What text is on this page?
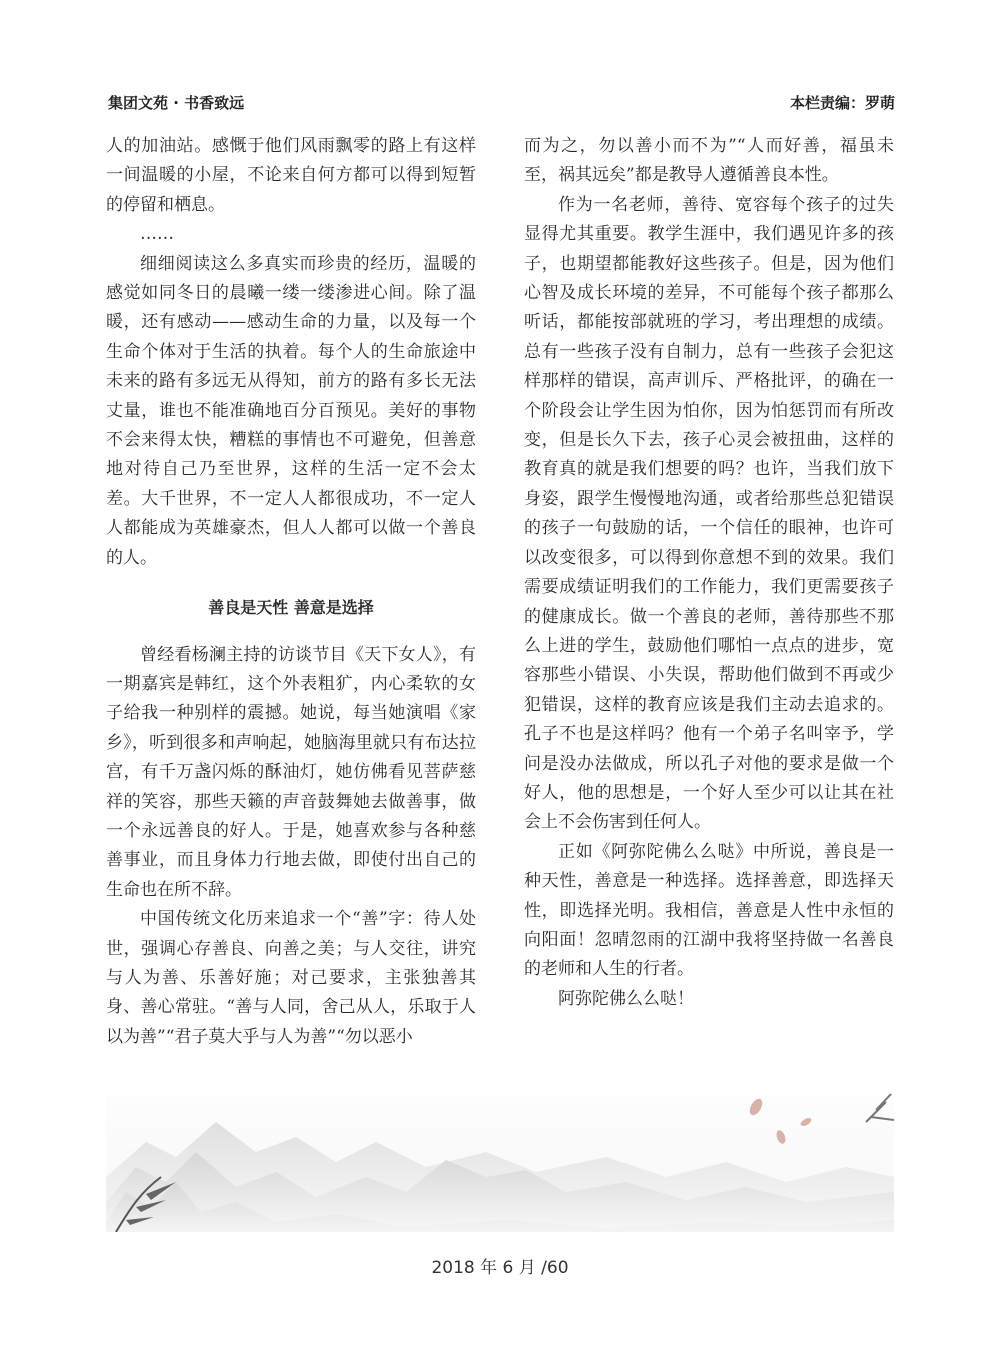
集团文苑 · 书香致远	本栏责编：罗萌

人的加油站。感慨于他们风雨飘零的路上有这样一间温暖的小屋，不论来自何方都可以得到短暂的停留和栖息。

……

细细阅读这么多真实而珍贵的经历，温暖的感觉如同冬日的晨曦一缕一缕渗进心间。除了温暖，还有感动——感动生命的力量，以及每一个生命个体对于生活的执着。每个人的生命旅途中未来的路有多远无从得知，前方的路有多长无法丈量，谁也不能准确地百分百预见。美好的事物不会来得太快，糟糕的事情也不可避免，但善意地对待自己乃至世界，这样的生活一定不会太差。大千世界，不一定人人都很成功，不一定人人都能成为英雄豪杰，但人人都可以做一个善良的人。

善良是天性 善意是选择

曾经看杨澜主持的访谈节目《天下女人》，有一期嘉宾是韩红，这个外表粗犷，内心柔软的女子给我一种别样的震撼。她说，每当她演唱《家乡》，听到很多和声响起，她脑海里就只有布达拉宫，有千万盏闪烁的酥油灯，她仿佛看见菩萨慈祥的笑容，那些天籁的声音鼓舞她去做善事，做一个永远善良的好人。于是，她喜欢参与各种慈善事业，而且身体力行地去做，即使付出自己的生命也在所不辞。

中国传统文化历来追求一个“善”字：待人处世，强调心存善良、向善之美；与人交往，讲究与人为善、乐善好施；对己要求，主张独善其身、善心常驻。“善与人同，舍己从人，乐取于人以为善”“君子莫大乎与人为善”“勿以恶小

而为之，勿以善小而不为”“人而好善，福虽未至，祸其远矣”都是教导人遵循善良本性。

作为一名老师，善待、宽容每个孩子的过失显得尤其重要。教学生涯中，我们遇见许多的孩子，也期望都能教好这些孩子。但是，因为他们心智及成长环境的差异，不可能每个孩子都那么听话，都能按部就班的学习，考出理想的成绩。总有一些孩子没有自制力，总有一些孩子会犯这样那样的错误，高声训斥、严格批评，的确在一个阶段会让学生因为怕你，因为怕惩罚而有所改变，但是长久下去，孩子心灵会被扭曲，这样的教育真的就是我们想要的吗？也许，当我们放下身姿，跟学生慢慢地沟通，或者给那些总犯错误的孩子一句鼓励的话，一个信任的眼神，也许可以改变很多，可以得到你意想不到的效果。我们需要成绩证明我们的工作能力，我们更需要孩子的健康成长。做一个善良的老师，善待那些不那么上进的学生，鼓励他们哪怕一点点的进步，宽容那些小错误、小失误，帮助他们做到不再或少犯错误，这样的教育应该是我们主动去追求的。孔子不也是这样吗？他有一个弟子名叫宰予，学问是没办法做成，所以孔子对他的要求是做一个好人，他的思想是，一个好人至少可以让其在社会上不会伤害到任何人。

正如《阿弥陀佛么么哒》中所说，善良是一种天性，善意是一种选择。选择善意，即选择天性，即选择光明。我相信，善意是人性中永恒的向阳面！忽晴忽雨的江湖中我将坚持做一名善良的老师和人生的行者。

阿弥陀佛么么哒！

2018 年 6 月 /60
